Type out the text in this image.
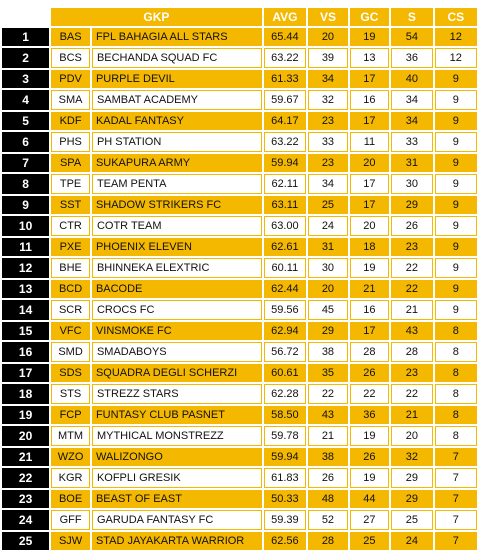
	GKP		AVG	VS	GC	S	CS
1	BAS	FPL BAHAGIA ALL STARS	65.44	20	19	54	12
2	BCS	BECHANDA SQUAD FC	63.22	39	13	36	12
3	PDV	PURPLE DEVIL	61.33	34	17	40	9
4	SMA	SAMBAT ACADEMY	59.67	32	16	34	9
5	KDF	KADAL FANTASY	64.17	23	17	34	9
6	PHS	PH STATION	63.22	33	11	33	9
7	SPA	SUKAPURA ARMY	59.94	23	20	31	9
8	TPE	TEAM PENTA	62.11	34	17	30	9
9	SST	SHADOW STRIKERS FC	63.11	25	17	29	9
10	CTR	COTR TEAM	63.00	24	20	26	9
11	PXE	PHOENIX ELEVEN	62.61	31	18	23	9
12	BHE	BHINNEKA ELEXTRIC	60.11	30	19	22	9
13	BCD	BACODE	62.44	20	21	22	9
14	SCR	CROCS FC	59.56	45	16	21	9
15	VFC	VINSMOKE FC	62.94	29	17	43	8
16	SMD	SMADABOYS	56.72	38	28	28	8
17	SDS	SQUADRA DEGLI SCHERZI	60.61	35	26	23	8
18	STS	STREZZ STARS	62.28	22	22	22	8
19	FCP	FUNTASY CLUB PASNET	58.50	43	36	21	8
20	MTM	MYTHICAL MONSTREZZ	59.78	21	19	20	8
21	WZO	WALIZONGO	59.94	38	26	32	7
22	KGR	KOFPLI GRESIK	61.83	26	19	29	7
23	BOE	BEAST OF EAST	50.33	48	44	29	7
24	GFF	GARUDA FANTASY FC	59.39	52	27	25	7
25	SJW	STAD JAYAKARTA WARRIOR	62.56	28	25	24	7
